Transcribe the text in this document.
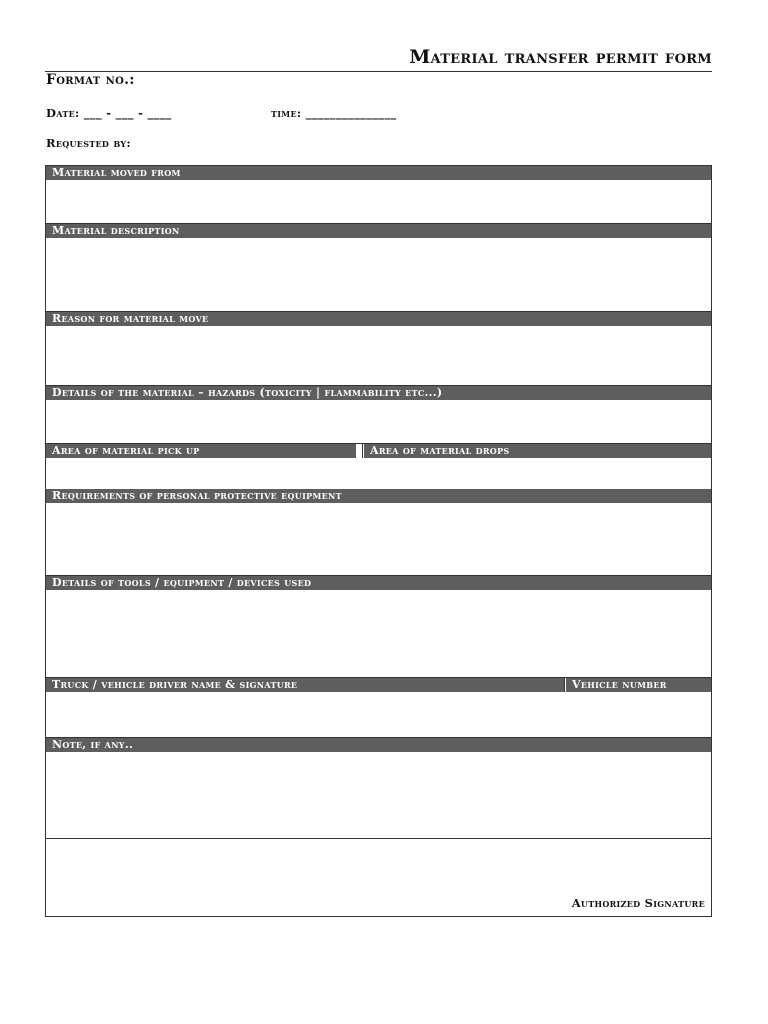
Material transfer permit form
Format no.:
Date: ___ - ___ - ____	time: _______________
Requested by:
Material moved from
Material description
Reason for material move
Details of the material – hazards (toxicity | flammability etc...)
Area of material pick up	Area of material drops
Requirements of personal protective equipment
Details of tools / equipment / devices used
Truck / vehicle driver name & signature	Vehicle number
Note, if any..
Authorized Signature
